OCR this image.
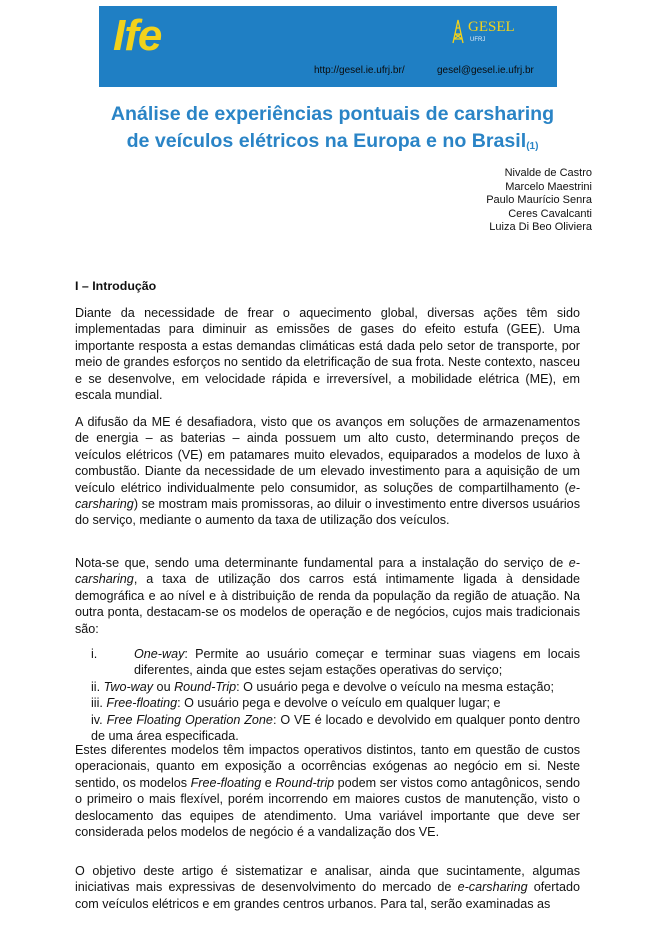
Ife	GESEL
UFRJ
http://gesel.ie.ufrj.br/	gesel@gesel.ie.ufrj.br
Análise de experiências pontuais de carsharing
de veículos elétricos na Europa e no Brasil$^{(1)}$
Nivalde de Castro
Marcelo Maestrini
Paulo Maurício Senra
Ceres Cavalcanti
Luiza Di Beo Oliviera
I – Introdução
Diante da necessidade de frear o aquecimento global, diversas ações têm sido implementadas para diminuir as emissões de gases do efeito estufa (GEE). Uma importante resposta a estas demandas climáticas está dada pelo setor de transporte, por meio de grandes esforços no sentido da eletrificação de sua frota. Neste contexto, nasceu e se desenvolve, em velocidade rápida e irreversível, a mobilidade elétrica (ME), em escala mundial.
A difusão da ME é desafiadora, visto que os avanços em soluções de armazenamentos de energia – as baterias – ainda possuem um alto custo, determinando preços de veículos elétricos (VE) em patamares muito elevados, equiparados a modelos de luxo à combustão. Diante da necessidade de um elevado investimento para a aquisição de um veículo elétrico individualmente pelo consumidor, as soluções de compartilhamento (e-carsharing) se mostram mais promissoras, ao diluir o investimento entre diversos usuários do serviço, mediante o aumento da taxa de utilização dos veículos.
Nota-se que, sendo uma determinante fundamental para a instalação do serviço de e-carsharing, a taxa de utilização dos carros está intimamente ligada à densidade demográfica e ao nível e à distribuição de renda da população da região de atuação. Na outra ponta, destacam-se os modelos de operação e de negócios, cujos mais tradicionais são:
i.	One-way: Permite ao usuário começar e terminar suas viagens em locais diferentes, ainda que estes sejam estações operativas do serviço;
ii. Two-way ou Round-Trip: O usuário pega e devolve o veículo na mesma estação;
iii. Free-floating: O usuário pega e devolve o veículo em qualquer lugar; e
iv. Free Floating Operation Zone: O VE é locado e devolvido em qualquer ponto dentro de uma área especificada.
Estes diferentes modelos têm impactos operativos distintos, tanto em questão de custos operacionais, quanto em exposição a ocorrências exógenas ao negócio em si. Neste sentido, os modelos Free-floating e Round-trip podem ser vistos como antagônicos, sendo o primeiro o mais flexível, porém incorrendo em maiores custos de manutenção, visto o deslocamento das equipes de atendimento. Uma variável importante que deve ser considerada pelos modelos de negócio é a vandalização dos VE.
O objetivo deste artigo é sistematizar e analisar, ainda que sucintamente, algumas iniciativas mais expressivas de desenvolvimento do mercado de e-carsharing ofertado com veículos elétricos e em grandes centros urbanos. Para tal, serão examinadas as
